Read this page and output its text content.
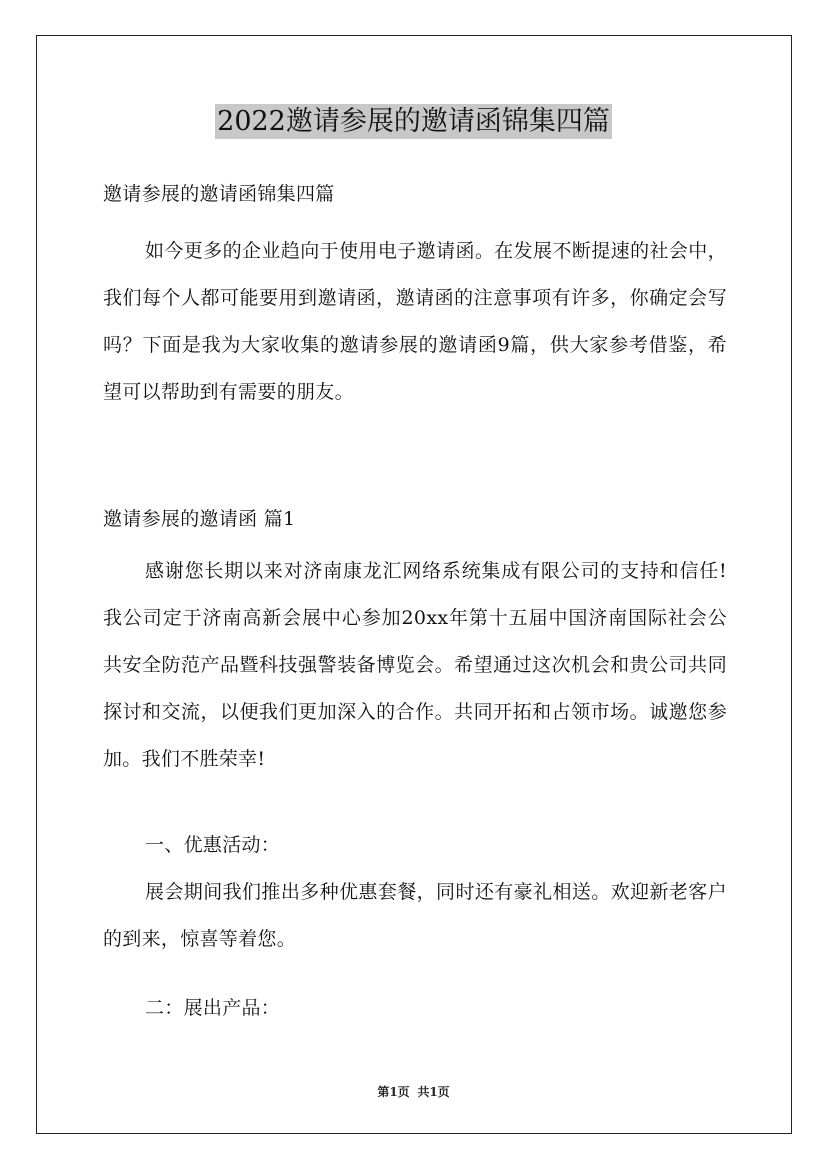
2022邀请参展的邀请函锦集四篇
邀请参展的邀请函锦集四篇

如今更多的企业趋向于使用电子邀请函。在发展不断提速的社会中，我们每个人都可能要用到邀请函，邀请函的注意事项有许多，你确定会写吗？下面是我为大家收集的邀请参展的邀请函9篇，供大家参考借鉴，希望可以帮助到有需要的朋友。

邀请参展的邀请函 篇1

感谢您长期以来对济南康龙汇网络系统集成有限公司的支持和信任!我公司定于济南高新会展中心参加20xx年第十五届中国济南国际社会公共安全防范产品暨科技强警装备博览会。希望通过这次机会和贵公司共同探讨和交流，以便我们更加深入的合作。共同开拓和占领市场。诚邀您参加。我们不胜荣幸!

一、优惠活动：

展会期间我们推出多种优惠套餐，同时还有豪礼相送。欢迎新老客户的到来，惊喜等着您。

二：展出产品：

第1页 共1页
